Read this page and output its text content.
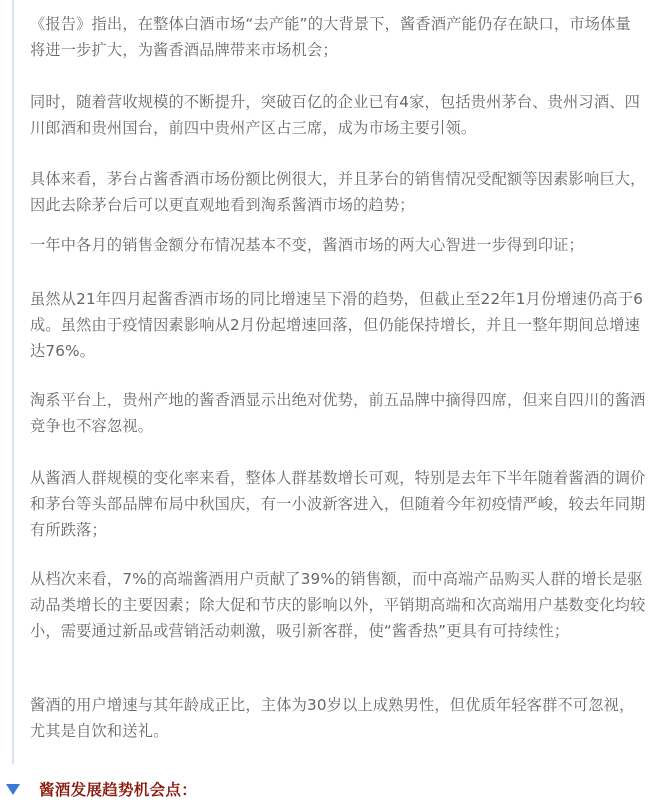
《报告》指出，在整体白酒市场“去产能”的大背景下，酱香酒产能仍存在缺口，市场体量将进一步扩大，为酱香酒品牌带来市场机会；

同时，随着营收规模的不断提升，突破百亿的企业已有4家，包括贵州茅台、贵州习酒、四川郎酒和贵州国台，前四中贵州产区占三席，成为市场主要引领。

具体来看，茅台占酱香酒市场份额比例很大，并且茅台的销售情况受配额等因素影响巨大，因此去除茅台后可以更直观地看到淘系酱酒市场的趋势；

一年中各月的销售金额分布情况基本不变，酱酒市场的两大心智进一步得到印证；

虽然从21年四月起酱香酒市场的同比增速呈下滑的趋势，但截止至22年1月份增速仍高于6成。虽然由于疫情因素影响从2月份起增速回落，但仍能保持增长，并且一整年期间总增速达76%。

淘系平台上，贵州产地的酱香酒显示出绝对优势，前五品牌中摘得四席，但来自四川的酱酒竞争也不容忽视。

从酱酒人群规模的变化率来看，整体人群基数增长可观，特别是去年下半年随着酱酒的调价和茅台等头部品牌布局中秋国庆，有一小波新客进入，但随着今年初疫情严峻，较去年同期有所跌落；

从档次来看，7%的高端酱酒用户贡献了39%的销售额，而中高端产品购买人群的增长是驱动品类增长的主要因素；除大促和节庆的影响以外，平销期高端和次高端用户基数变化均较小，需要通过新品或营销活动刺激，吸引新客群，使“酱香热”更具有可持续性；

酱酒的用户增速与其年龄成正比，主体为30岁以上成熟男性，但优质年轻客群不可忽视，尤其是自饮和送礼。

酱酒发展趋势机会点：
